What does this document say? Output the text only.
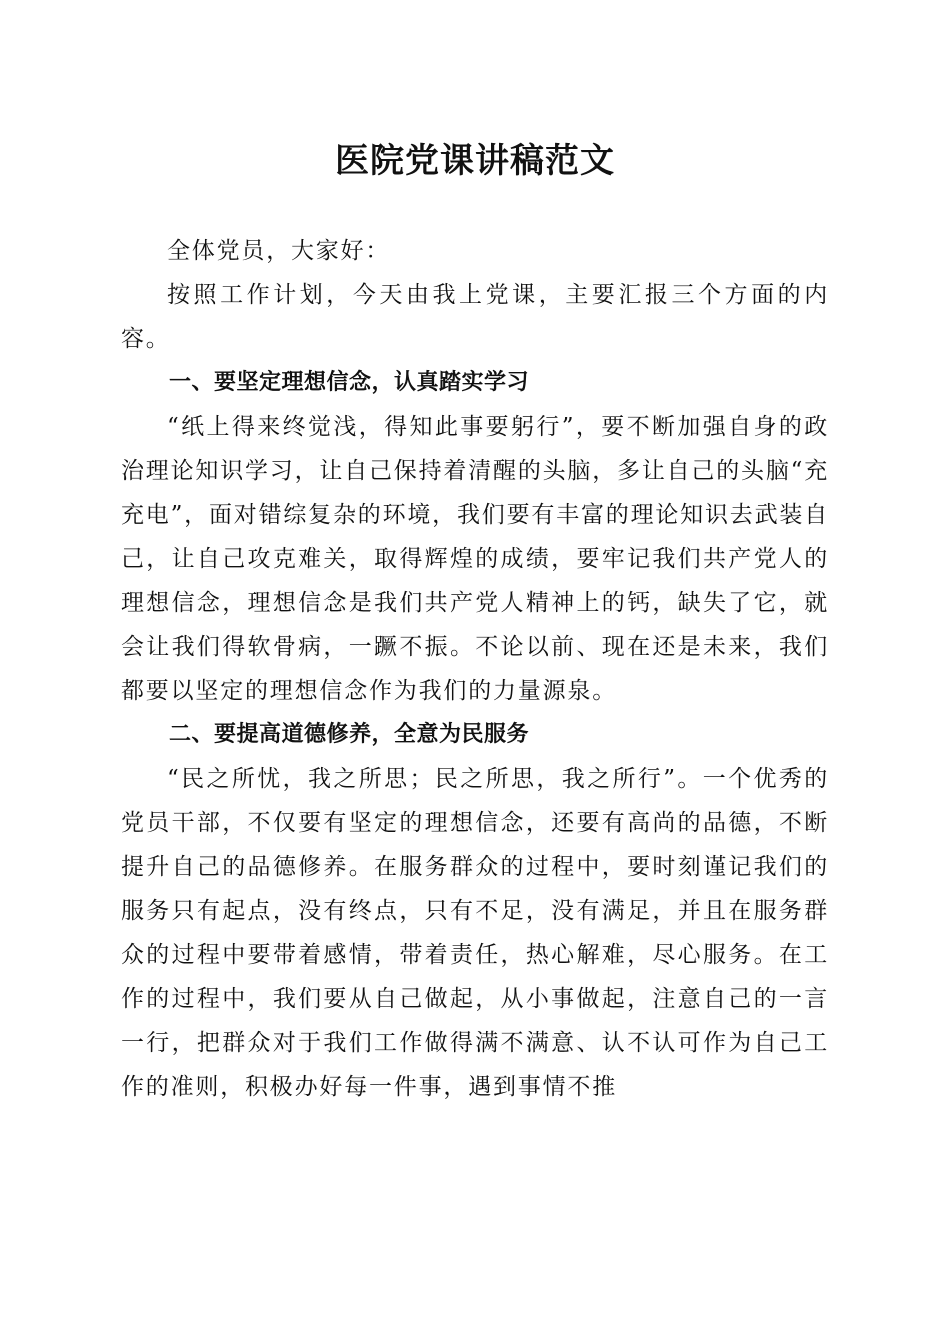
医院党课讲稿范文

全体党员，大家好：

按照工作计划，今天由我上党课，主要汇报三个方面的内容。

一、要坚定理想信念，认真踏实学习

“纸上得来终觉浅，得知此事要躬行”，要不断加强自身的政治理论知识学习，让自己保持着清醒的头脑，多让自己的头脑“充充电”，面对错综复杂的环境，我们要有丰富的理论知识去武装自己，让自己攻克难关，取得辉煌的成绩，要牢记我们共产党人的理想信念，理想信念是我们共产党人精神上的钙，缺失了它，就会让我们得软骨病，一蹶不振。不论以前、现在还是未来，我们都要以坚定的理想信念作为我们的力量源泉。

二、要提高道德修养，全意为民服务

“民之所忧，我之所思；民之所思，我之所行”。一个优秀的党员干部，不仅要有坚定的理想信念，还要有高尚的品德，不断提升自己的品德修养。在服务群众的过程中，要时刻谨记我们的服务只有起点，没有终点，只有不足，没有满足，并且在服务群众的过程中要带着感情，带着责任，热心解难，尽心服务。在工作的过程中，我们要从自己做起，从小事做起，注意自己的一言一行，把群众对于我们工作做得满不满意、认不认可作为自己工作的准则，积极办好每一件事，遇到事情不推
